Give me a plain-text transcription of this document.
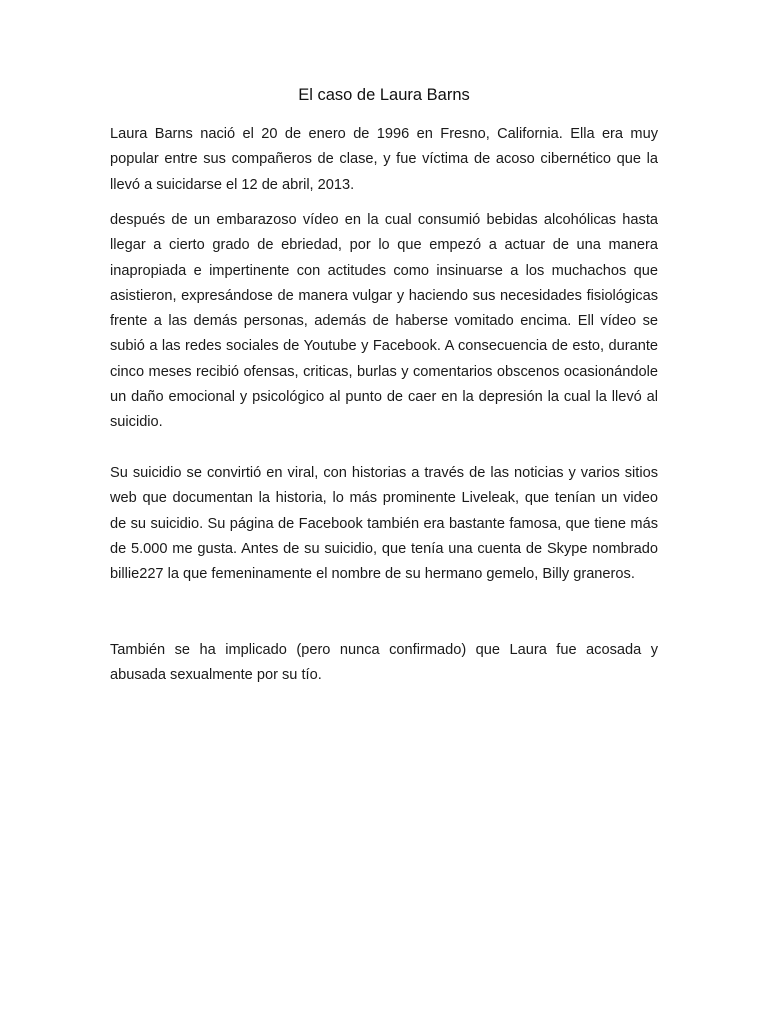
El caso de Laura Barns

Laura Barns nació el 20 de enero de 1996 en Fresno, California. Ella era muy popular entre sus compañeros de clase, y fue víctima de acoso cibernético que la llevó a suicidarse el 12 de abril, 2013.

después de un embarazoso vídeo en la cual consumió bebidas alcohólicas hasta llegar a cierto grado de ebriedad, por lo que empezó a actuar de una manera inapropiada e impertinente con actitudes como insinuarse a los muchachos que asistieron, expresándose de manera vulgar y haciendo sus necesidades fisiológicas frente a las demás personas, además de haberse vomitado encima. Ell vídeo se subió a las redes sociales de Youtube y Facebook. A consecuencia de esto, durante cinco meses recibió ofensas, criticas, burlas y comentarios obscenos ocasionándole un daño emocional y psicológico al punto de caer en la depresión la cual la llevó al suicidio.

Su suicidio se convirtió en viral, con historias a través de las noticias y varios sitios web que documentan la historia, lo más prominente Liveleak, que tenían un video de su suicidio. Su página de Facebook también era bastante famosa, que tiene más de 5.000 me gusta. Antes de su suicidio, que tenía una cuenta de Skype nombrado billie227 la que femeninamente el nombre de su hermano gemelo, Billy graneros.

También se ha implicado (pero nunca confirmado) que Laura fue acosada y abusada sexualmente por su tío.
